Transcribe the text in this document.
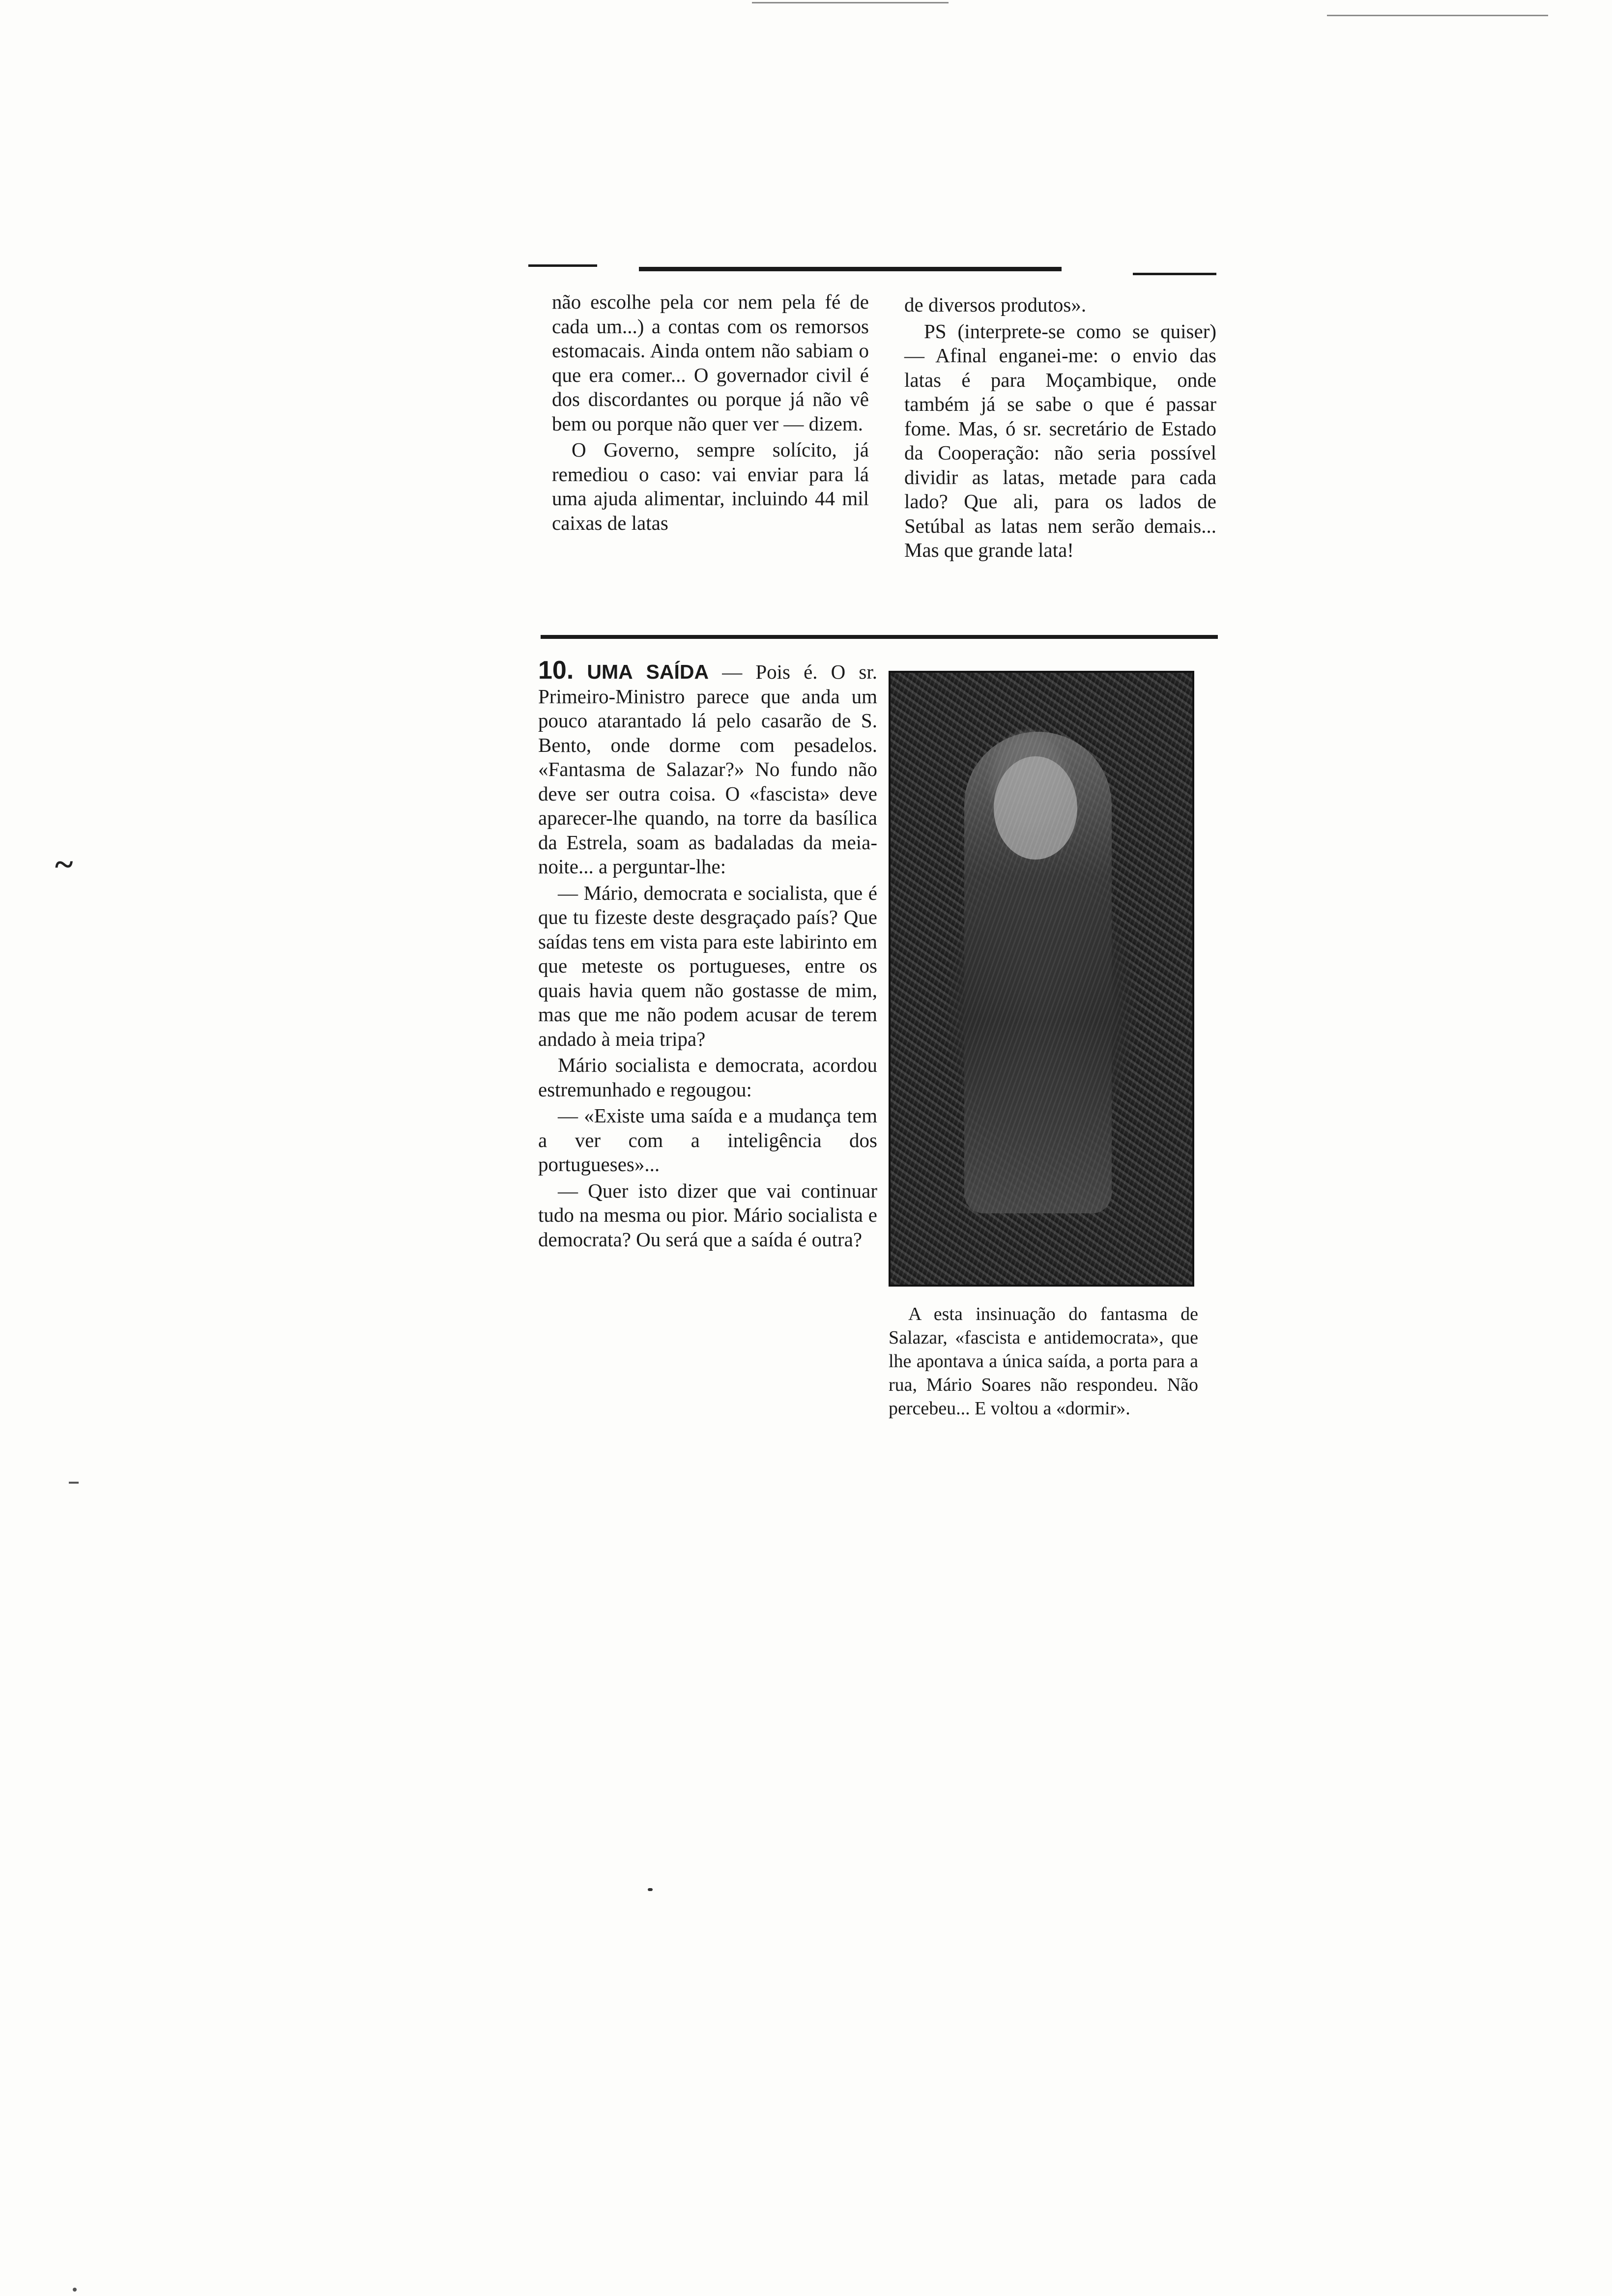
não escolhe pela cor nem pela fé de cada um...) a contas com os remorsos estomacais. Ainda ontem não sabiam o que era comer... O governador civil é dos discordantes ou porque já não vê bem ou porque não quer ver — dizem.

O Governo, sempre solícito, já remediou o caso: vai enviar para lá uma ajuda alimentar, incluindo 44 mil caixas de latas

de diversos produtos».

PS (interprete-se como se quiser) — Afinal enganei-me: o envio das latas é para Moçambique, onde também já se sabe o que é passar fome. Mas, ó sr. secretário de Estado da Cooperação: não seria possível dividir as latas, metade para cada lado? Que ali, para os lados de Setúbal as latas nem serão demais... Mas que grande lata!

10. UMA SAÍDA — Pois é. O sr. Primeiro-Ministro parece que anda um pouco atarantado lá pelo casarão de S. Bento, onde dorme com pesadelos. «Fantasma de Salazar?» No fundo não deve ser outra coisa. O «fascista» deve aparecer-lhe quando, na torre da basílica da Estrela, soam as badaladas da meia-noite... a perguntar-lhe:

— Mário, democrata e socialista, que é que tu fizeste deste desgraçado país? Que saídas tens em vista para este labirinto em que meteste os portugueses, entre os quais havia quem não gostasse de mim, mas que me não podem acusar de terem andado à meia tripa?

Mário socialista e democrata, acordou estremunhado e regougou:

— «Existe uma saída e a mudança tem a ver com a inteligência dos portugueses»...

— Quer isto dizer que vai continuar tudo na mesma ou pior. Mário socialista e democrata? Ou será que a saída é outra?

A esta insinuação do fantasma de Salazar, «fascista e antidemocrata», que lhe apontava a única saída, a porta para a rua, Mário Soares não respondeu. Não percebeu... E voltou a «dormir».
~
